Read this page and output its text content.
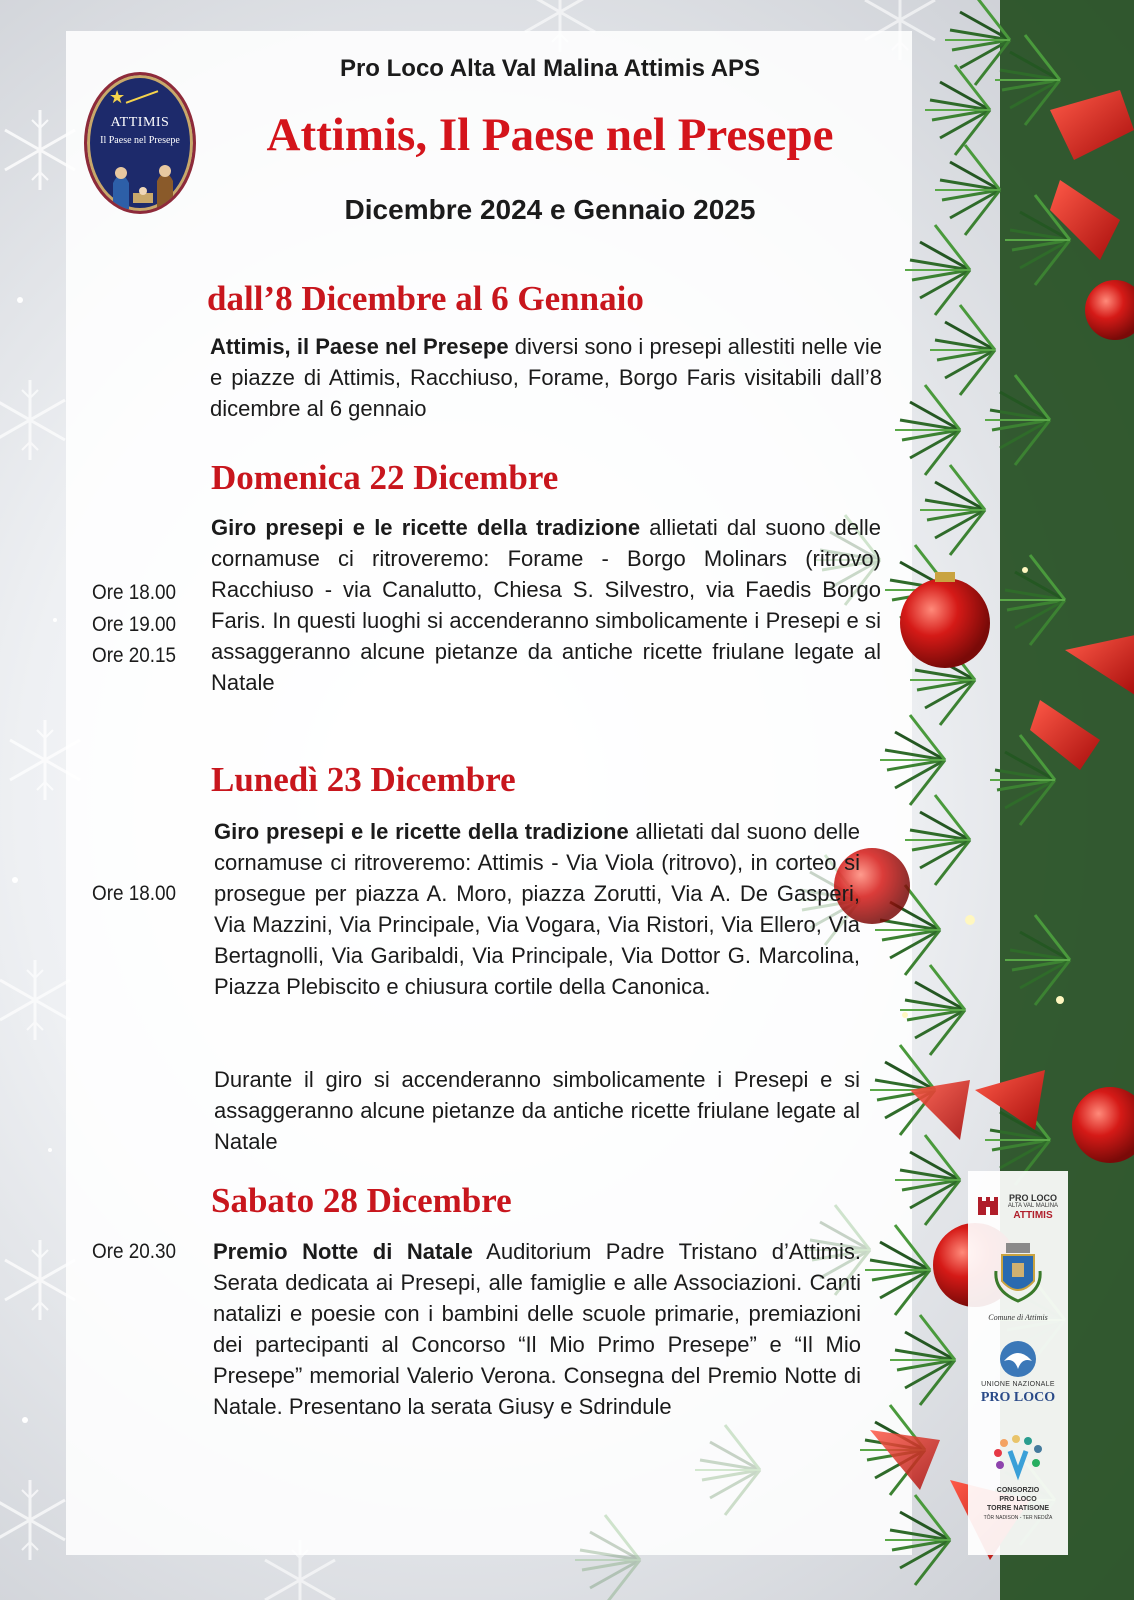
★
ATTIMIS
Il Paese nel Presepe
Pro Loco Alta Val Malina Attimis APS
Attimis, Il Paese nel Presepe
Dicembre 2024 e Gennaio 2025
dall’8 Dicembre al 6 Gennaio
Attimis, il Paese nel Presepe diversi sono i presepi allestiti nelle vie e piazze di Attimis, Racchiuso, Forame, Borgo Faris visitabili dall’8 dicembre al 6 gennaio
Domenica 22 Dicembre
Ore 18.00
Ore 19.00
Ore 20.15
Giro presepi e le ricette della tradizione allietati dal suono delle cornamuse ci ritroveremo: Forame - Borgo Molinars (ritrovo) Racchiuso - via Canalutto, Chiesa S. Silvestro, via Faedis Borgo Faris. In questi luoghi si accenderanno simbolicamente i Presepi e si assaggeranno alcune pietanze da antiche ricette friulane legate al Natale
Lunedì 23 Dicembre
Ore 18.00
Giro presepi e le ricette della tradizione allietati dal suono delle cornamuse ci ritroveremo: Attimis - Via Viola (ritrovo), in corteo si prosegue per piazza A. Moro, piazza Zorutti, Via A. De Gasperi, Via Mazzini, Via Principale, Via Vogara, Via Ristori, Via Ellero, Via Bertagnolli, Via Garibaldi, Via Principale, Via Dottor G. Marcolina, Piazza Plebiscito e chiusura cortile della Canonica.
Durante il giro si accenderanno simbolicamente i Presepi e si assaggeranno alcune pietanze da antiche ricette friulane legate al Natale
Sabato 28 Dicembre
Ore 20.30 Premio Notte di Natale Auditorium Padre Tristano d’Attimis. Serata dedicata ai Presepi, alle famiglie e alle Associazioni. Canti natalizi e poesie con i bambini delle scuole primarie, premiazioni dei partecipanti al Concorso “Il Mio Primo Presepe” e “Il Mio Presepe” memorial Valerio Verona. Consegna del Premio Notte di Natale. Presentano la serata Giusy e Sdrindule
PRO LOCO
ALTA VAL MALINA
ATTIMIS
Comune di Attimis
UNIONE NAZIONALE
PRO LOCO
CONSORZIO
PRO LOCO
TORRE NATISONE
TÔR NADISON - TER NEDIŽA
